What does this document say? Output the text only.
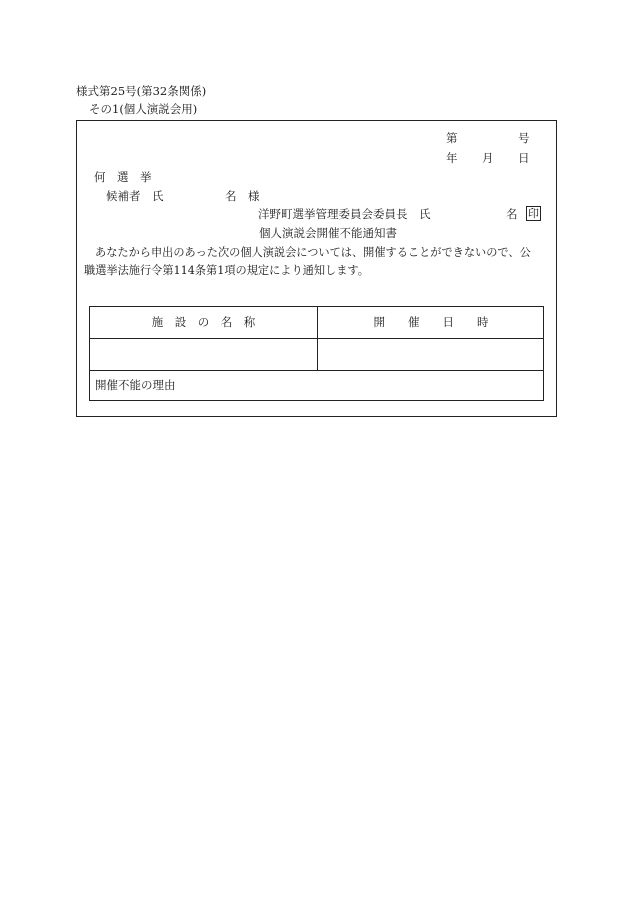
様式第25号(第32条関係)
その1(個人演説会用)
第	号
年 月 日
何　選　挙
候補者　氏	名　様
洋野町選挙管理委員会委員長　氏	名 印
個人演説会開催不能通知書
あなたから申出のあった次の個人演説会については、開催することができないので、公
職選挙法施行令第114条第1項の規定により通知します。
施　設　の　名　称	開　　催　　日　　時
開催不能の理由
